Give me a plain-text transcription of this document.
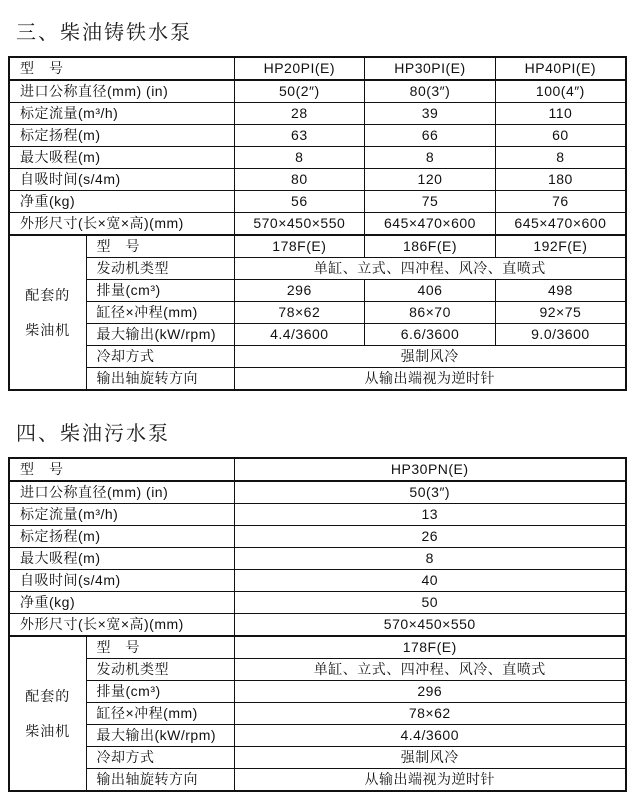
三、柴油铸铁水泵
型　号		HP20PI(E)	HP30PI(E)	HP40PI(E)
进口公称直径(mm) (in)		50(2″)	80(3″)	100(4″)
标定流量(m³/h)		28	39	110
标定扬程(m)		63	66	60
最大吸程(m)		8	8	8
自吸时间(s/4m)		80	120	180
净重(kg)		56	75	76
外形尺寸(长×宽×高)(mm)		570×450×550	645×470×600	645×470×600

配套的
柴油机	型　号	178F(E)	186F(E)	192F(E)
	发动机类型	单缸、立式、四冲程、风冷、直喷式		
	排量(cm³)	296	406	498
	缸径×冲程(mm)	78×62	86×70	92×75
	最大输出(kW/rpm)	4.4/3600	6.6/3600	9.0/3600
	冷却方式	强制风冷		
	输出轴旋转方向	从输出端视为逆时针		
四、柴油污水泵
型　号		HP30PN(E)
进口公称直径(mm) (in)		50(3″)
标定流量(m³/h)		13
标定扬程(m)		26
最大吸程(m)		8
自吸时间(s/4m)		40
净重(kg)		50
外形尺寸(长×宽×高)(mm)		570×450×550

配套的
柴油机	型　号	178F(E)
	发动机类型	单缸、立式、四冲程、风冷、直喷式
	排量(cm³)	296
	缸径×冲程(mm)	78×62
	最大输出(kW/rpm)	4.4/3600
	冷却方式	强制风冷
	输出轴旋转方向	从输出端视为逆时针
